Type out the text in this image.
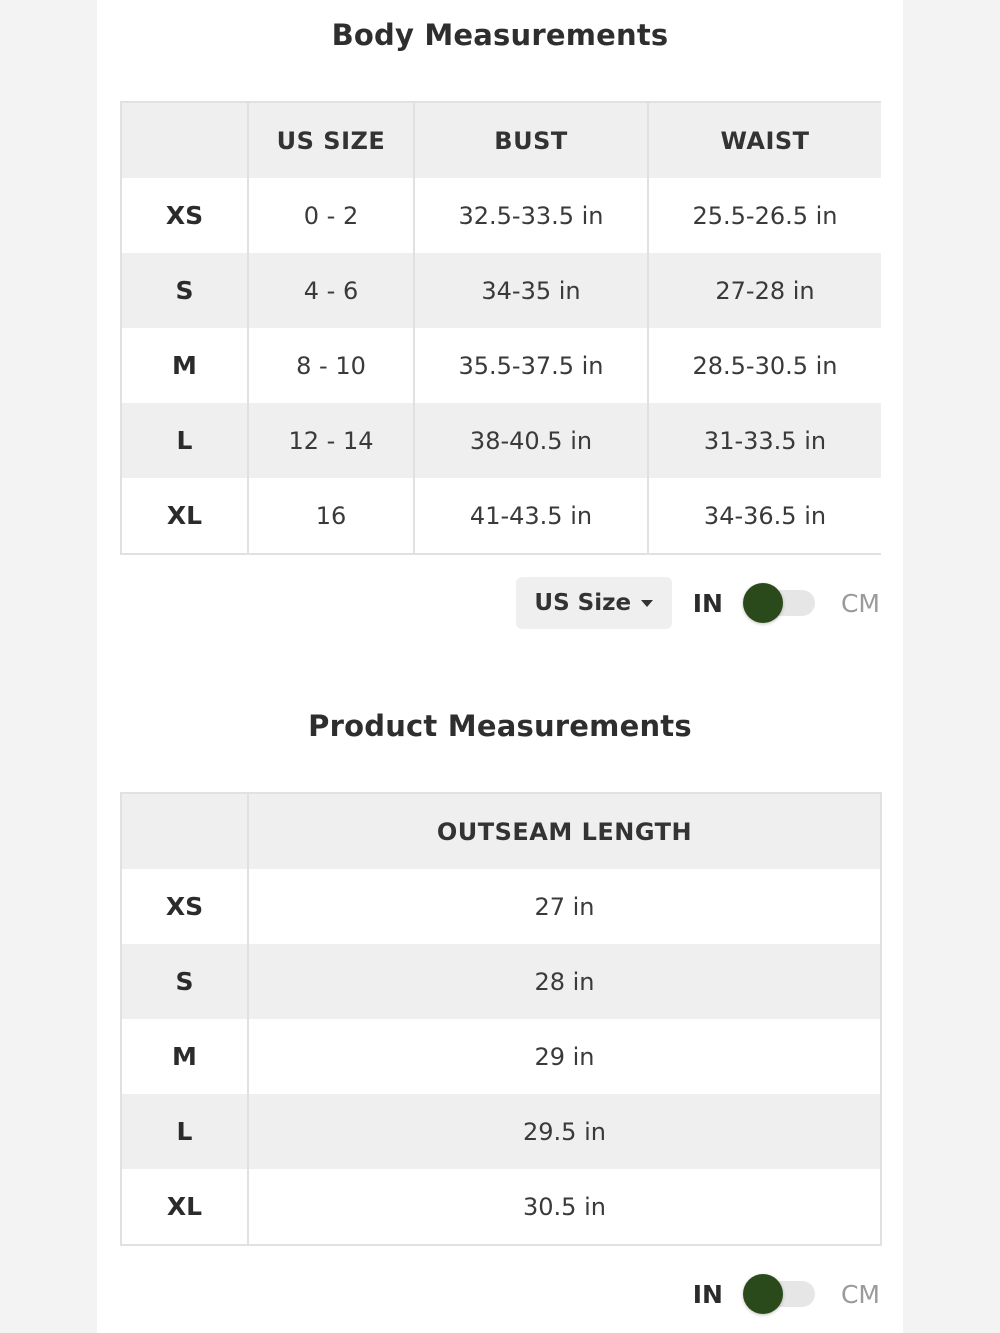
Body Measurements
	US SIZE	BUST	WAIST
XS	0 - 2	32.5-33.5 in	25.5-26.5 in
S	4 - 6	34-35 in	27-28 in
M	8 - 10	35.5-37.5 in	28.5-30.5 in
L	12 - 14	38-40.5 in	31-33.5 in
XL	16	41-43.5 in	34-36.5 in
US Size IN	CM
Product Measurements
	OUTSEAM LENGTH
XS	27 in
S	28 in
M	29 in
L	29.5 in
XL	30.5 in
IN	CM
